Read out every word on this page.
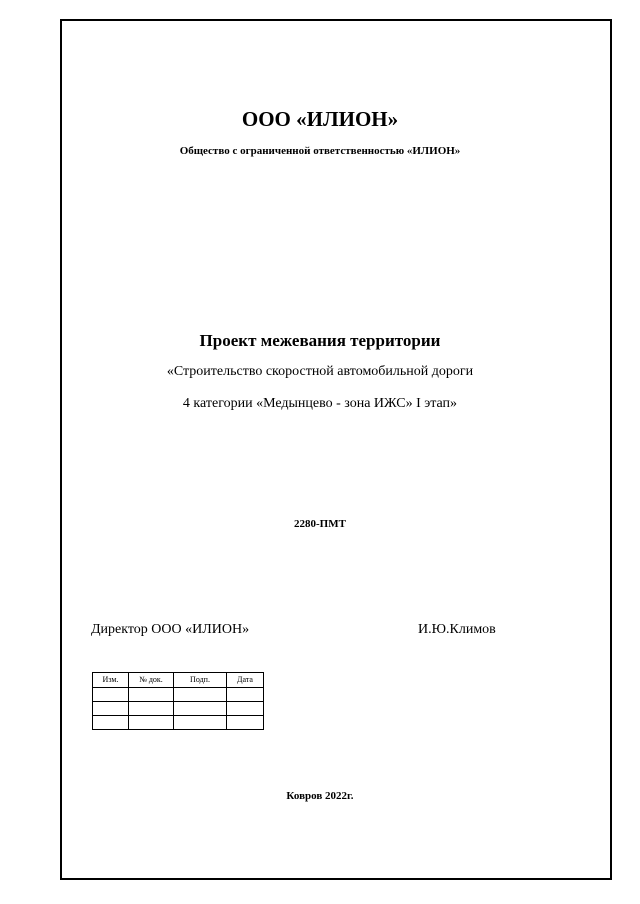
ООО «ИЛИОН»
Общество с ограниченной ответственностью «ИЛИОН»
Проект межевания территории
«Строительство скоростной автомобильной дороги
4 категории «Медынцево - зона ИЖС» I этап»
2280-ПМТ
Директор ООО «ИЛИОН»	И.Ю.Климов
Изм.	№ док.	Подп.	Дата

Ковров 2022г.
